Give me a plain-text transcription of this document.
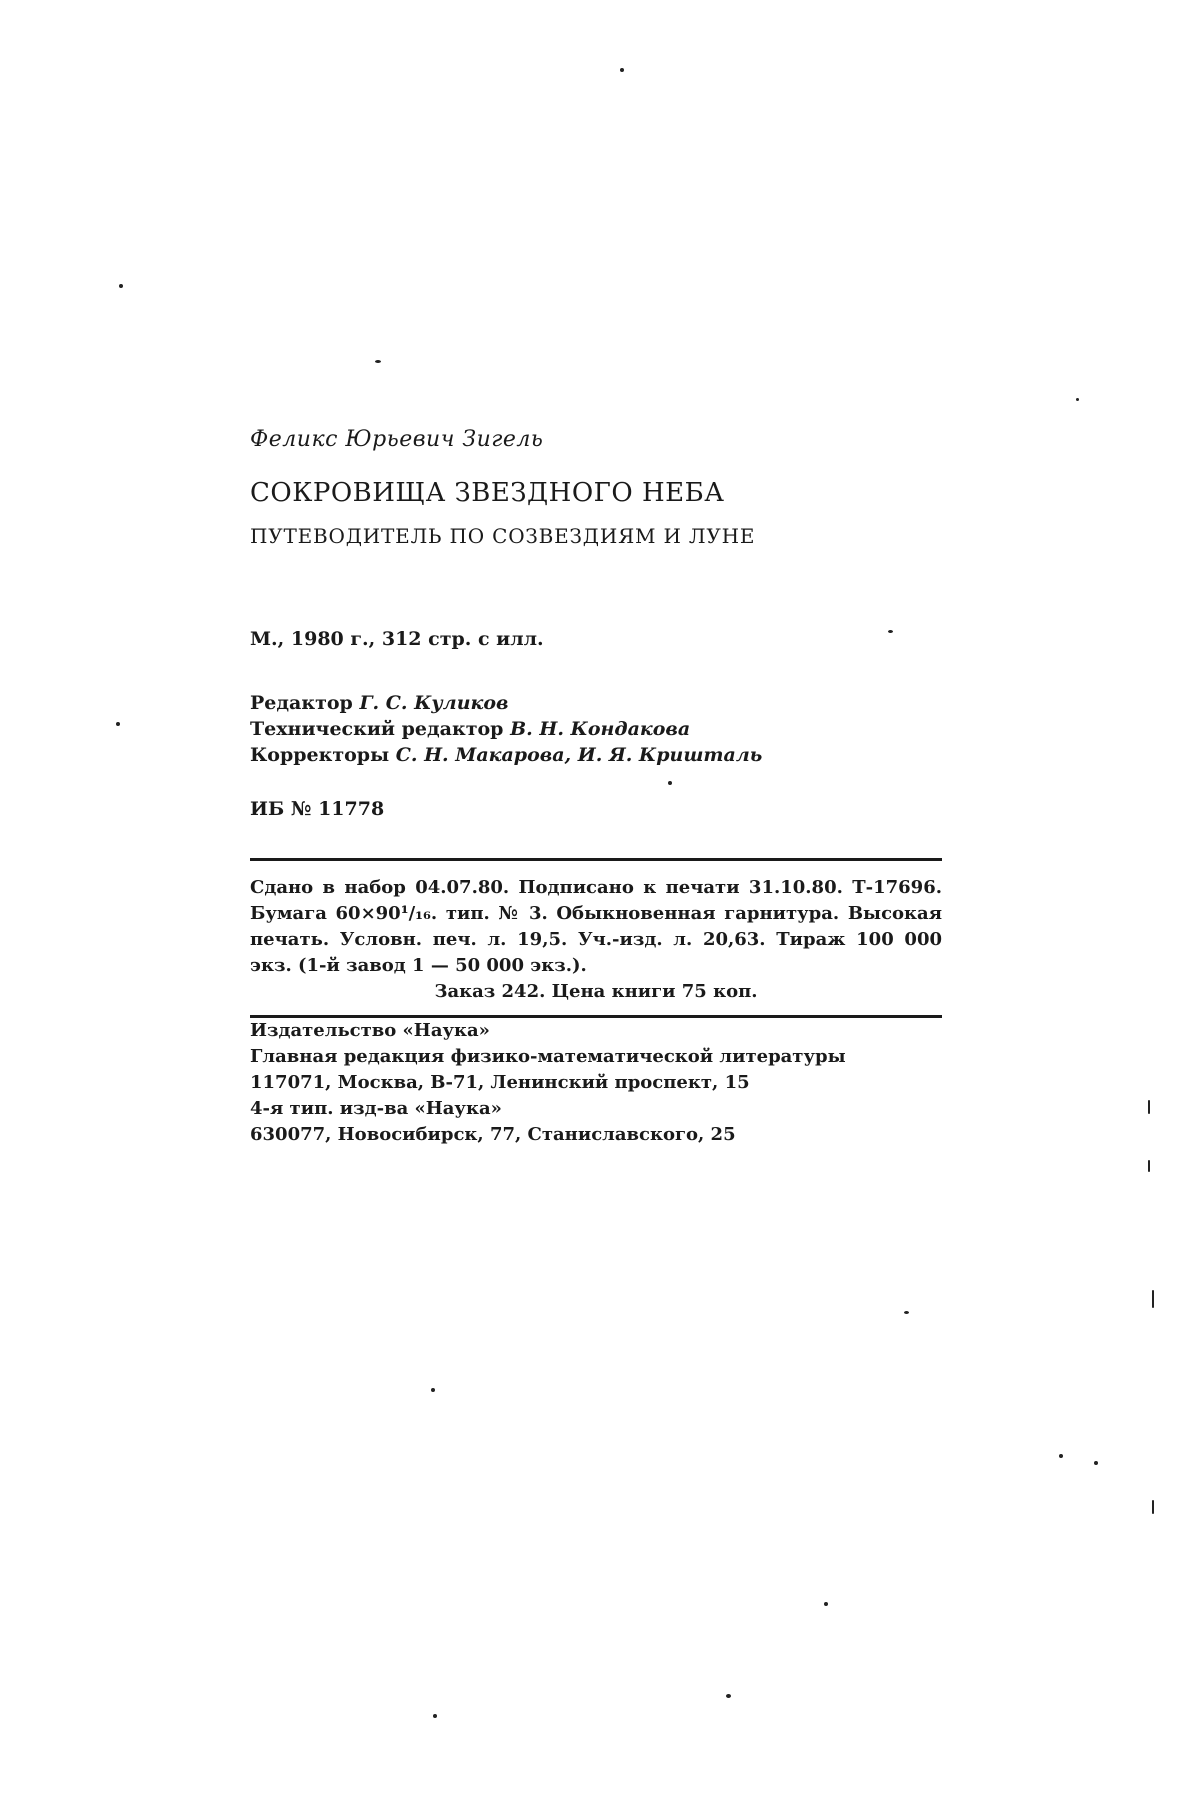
Феликс Юрьевич Зигель
СОКРОВИЩА ЗВЕЗДНОГО НЕБА
ПУТЕВОДИТЕЛЬ ПО СОЗВЕЗДИЯМ И ЛУНЕ
М., 1980 г., 312 стр. с илл.
Редактор Г. С. Куликов
Технический редактор В. Н. Кондакова
Корректоры С. Н. Макарова, И. Я. Кришталь
ИБ № 11778
Сдано в набор 04.07.80. Подписано к печати 31.10.80. Т-17696. Бумага 60×90¹/₁₆. тип. № 3. Обыкновенная гарнитура. Высокая печать. Условн. печ. л. 19,5. Уч.-изд. л. 20,63. Тираж 100 000 экз. (1-й завод 1 — 50 000 экз.).
Заказ 242. Цена книги 75 коп.
Издательство «Наука»
Главная редакция физико-математической литературы
117071, Москва, В-71, Ленинский проспект, 15
4-я тип. изд-ва «Наука»
630077, Новосибирск, 77, Станиславского, 25
